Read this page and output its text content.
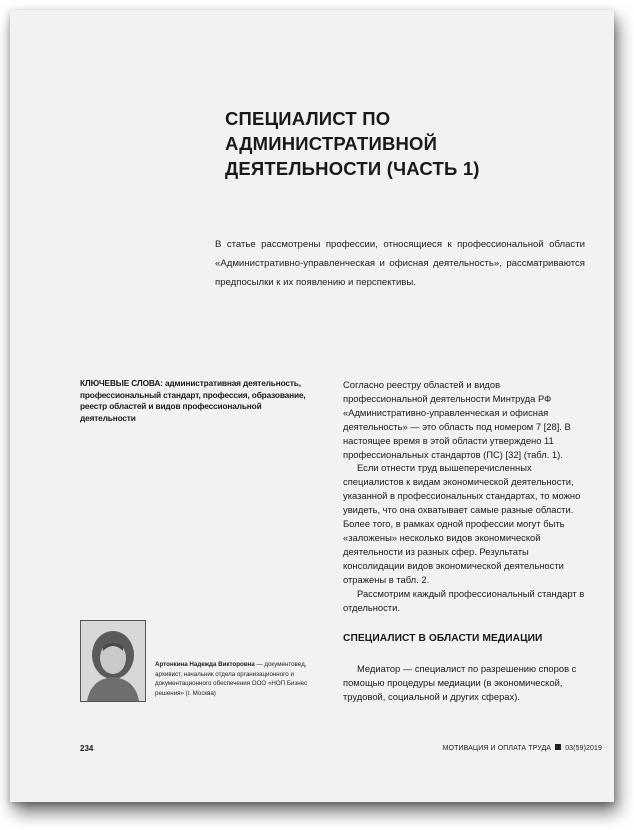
СПЕЦИАЛИСТ ПО АДМИНИСТРАТИВНОЙ
ДЕЯТЕЛЬНОСТИ (ЧАСТЬ 1)
В статье рассмотрены профессии, относящиеся к профессиональной области «Административно-управленческая и офисная деятельность», рассматриваются предпосылки к их появлению и перспективы.
КЛЮЧЕВЫЕ СЛОВА: административная деятельность, профессиональный стандарт, профессия, образование, реестр областей и видов профессиональной деятельности
Артонкина Надежда Викторовна — документовед, архивист, начальник отдела организационного и документационного обеспечения ООО «НОП Бизнес решения» (г. Москва)

Согласно реестру областей и видов профессиональной деятельности Минтруда РФ «Административно-управленческая и офисная деятельность» — это область под номером 7 [28]. В настоящее время в этой области утверждено 11 профессиональных стандартов (ПС) [32] (табл. 1).

Если отнести труд вышеперечисленных специалистов к видам экономической деятельности, указанной в профессиональных стандартах, то можно увидеть, что она охватывает самые разные области. Более того, в рамках одной профессии могут быть «заложены» несколько видов экономической деятельности из разных сфер. Результаты консолидации видов экономической деятельности отражены в табл. 2.

Рассмотрим каждый профессиональный стандарт в отдельности.

СПЕЦИАЛИСТ В ОБЛАСТИ МЕДИАЦИИ
Медиатор — специалист по разрешению споров с помощью процедуры медиации (в экономической, трудовой, социальной и других сферах).
234	МОТИВАЦИЯ И ОПЛАТА ТРУДА 03(59)2019
